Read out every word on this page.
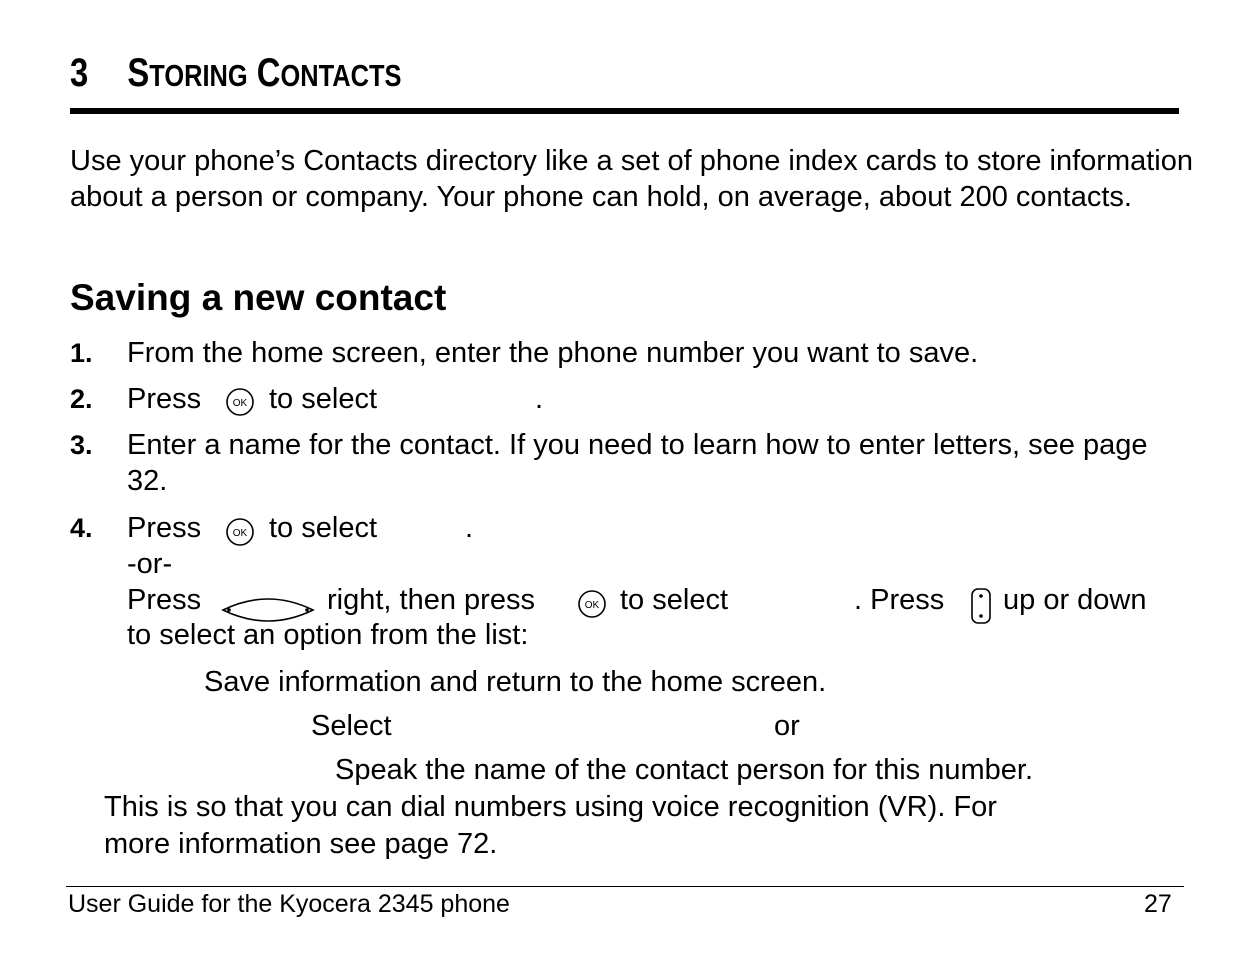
3 STORING CONTACTS

Use your phone’s Contacts directory like a set of phone index cards to store information about a person or company. Your phone can hold, on average, about 200 contacts.

Saving a new contact
1. From the home screen, enter the phone number you want to save.

2. Press	OK to select	.
3. Enter a name for the contact. If you need to learn how to enter letters, see page 32.

4. Press	OK to select	.
-or-
Press	right, then press	OK to select	. Press up or down
to select an option from the list:
Save information and return to the home screen.
Select	or
Speak the name of the contact person for this number.
This is so that you can dial numbers using voice recognition (VR). For
more information see page 72.
User Guide for the Kyocera 2345 phone	27
